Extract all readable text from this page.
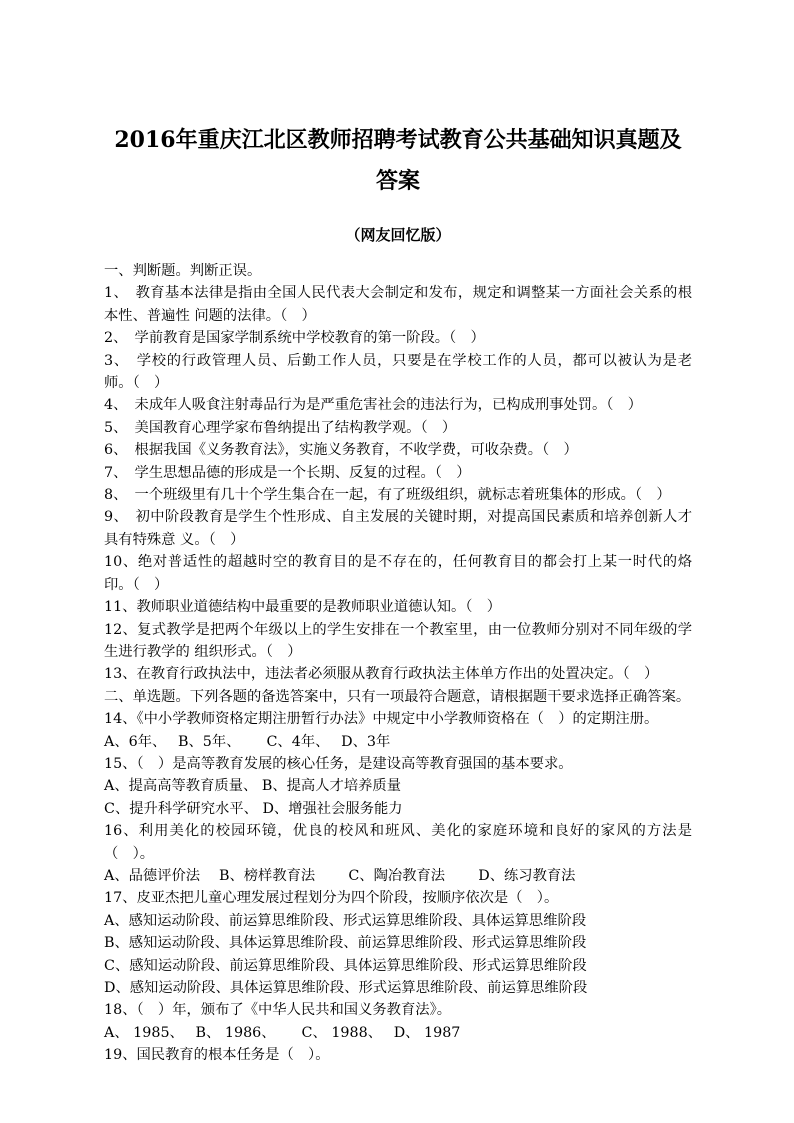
2016年重庆江北区教师招聘考试教育公共基础知识真题及答案
（网友回忆版）

一、判断题。判断正误。

1、　教育基本法律是指由全国人民代表大会制定和发布，规定和调整某一方面社会关系的根本性、普遍性 问题的法律。（　）

2、　学前教育是国家学制系统中学校教育的第一阶段。（　）

3、　学校的行政管理人员、后勤工作人员，只要是在学校工作的人员，都可以被认为是老师。（　）

4、　未成年人吸食注射毒品行为是严重危害社会的违法行为，已构成刑事处罚。（　）

5、　美国教育心理学家布鲁纳提出了结构教学观。（　）

6、　根据我国《义务教育法》，实施义务教育，不收学费，可收杂费。（　）

7、　学生思想品德的形成是一个长期、反复的过程。（　）

8、　一个班级里有几十个学生集合在一起，有了班级组织，就标志着班集体的形成。（　）

9、　初中阶段教育是学生个性形成、自主发展的关键时期，对提高国民素质和培养创新人才具有特殊意 义。（　）

10、绝对普适性的超越时空的教育目的是不存在的，任何教育目的都会打上某一时代的烙印。（　）

11、教师职业道德结构中最重要的是教师职业道德认知。（　）

12、复式教学是把两个年级以上的学生安排在一个教室里，由一位教师分别对不同年级的学生进行教学的 组织形式。（　）

13、在教育行政执法中，违法者必须服从教育行政执法主体单方作出的处置决定。（　）

二、单选题。下列各题的备选答案中，只有一项最符合题意，请根据题干要求选择正确答案。

14、《中小学教师资格定期注册暂行办法》中规定中小学教师资格在（　）的定期注册。

A、6年、　 B、5年、　　 C、4年、　 D、3年

15、（　）是高等教育发展的核心任务，是建设高等教育强国的基本要求。

A、提高高等教育质量、 B、提高人才培养质量

C、提升科学研究水平、 D、增强社会服务能力

16、利用美化的校园环镜，优良的校风和班风、美化的家庭环境和良好的家风的方法是（　）。

A、品德评价法　 B、榜样教育法　　 C、陶冶教育法　　 D、练习教育法

17、皮亚杰把儿童心理发展过程划分为四个阶段，按顺序依次是（　）。

A、感知运动阶段、前运算思维阶段、形式运算思维阶段、具体运算思维阶段

B、感知运动阶段、具体运算思维阶段、前运算思维阶段、形式运算思维阶段

C、感知运动阶段、前运算思维阶段、具体运算思维阶段、形式运算思维阶段

D、感知运动阶段、具体运算思维阶段、形式运算思维阶段、前运算思维阶段

18、（　）年，颁布了《中华人民共和国义务教育法》。

A、 1985、　 B、 1986、　　 C、 1988、　 D、 1987

19、国民教育的根本任务是（　）。
